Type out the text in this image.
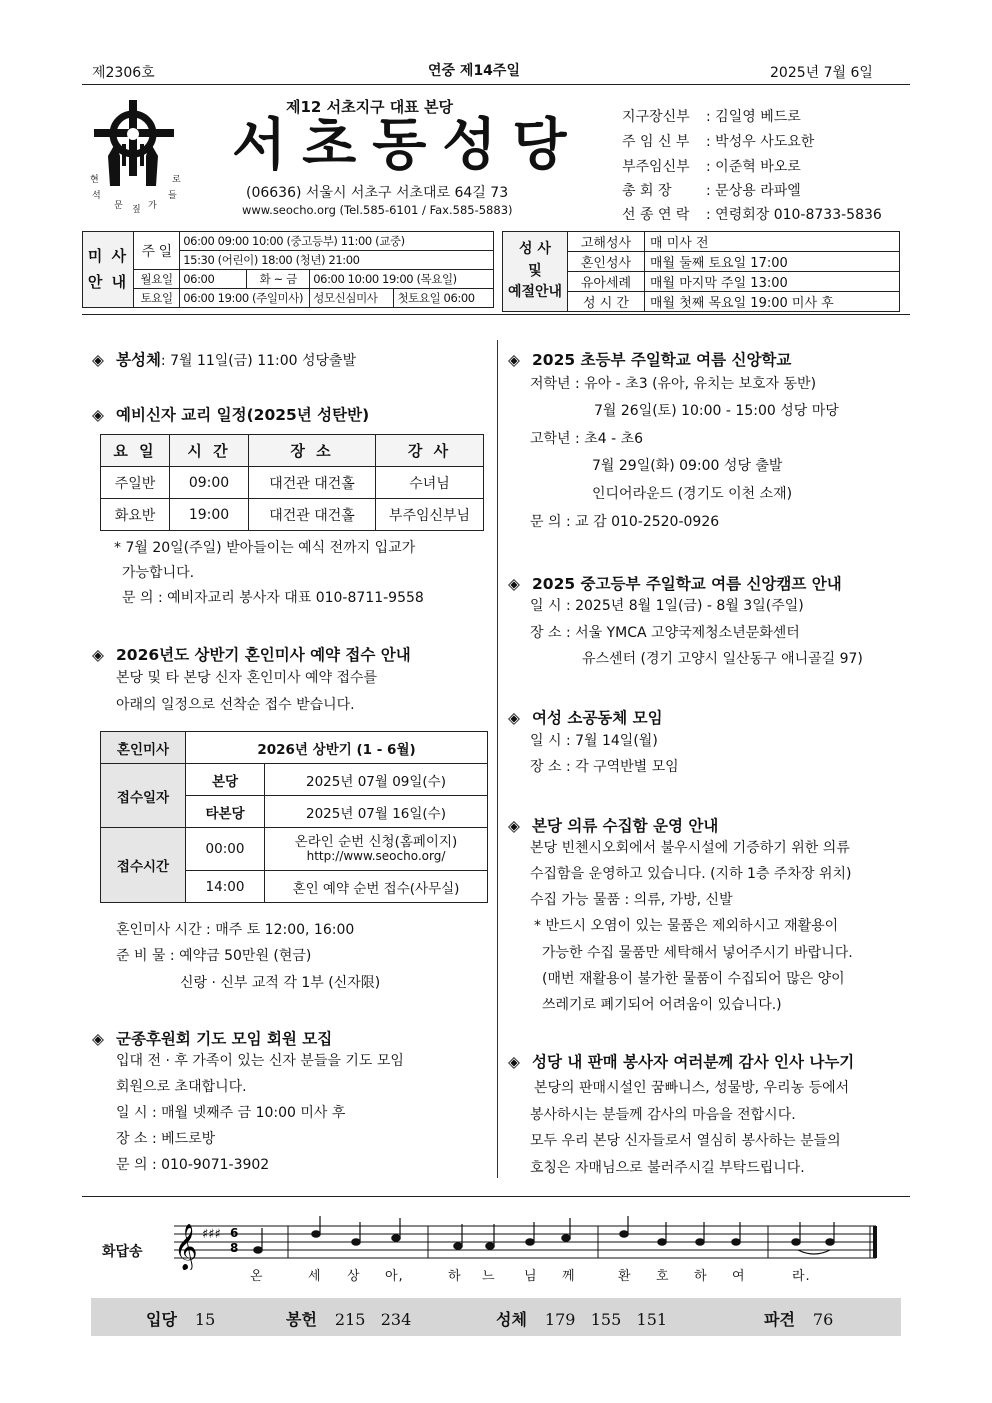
제2306호	연중 제14주일	2025년 7월 6일
현	로
석	들
문	가
짚
제12 서초지구 대표 본당
서초동성당
(06636) 서울시 서초구 서초대로 64길 73
www.seocho.org (Tel.585-6101 / Fax.585-5883)
지구장신부 : 김일영 베드로
주 임 신 부 : 박성우 사도요한
부주임신부 : 이준혁 바오로
총 회 장 : 문상용 라파엘
선 종 연 락 : 연령회장 010-8733-5836
미 사
안 내	주 일	06:00 09:00 10:00 (중고등부) 11:00 (교중)			
		15:30 (어린이) 18:00 (청년) 21:00			
	월요일	06:00	화 ~ 금	06:00 10:00 19:00 (목요일)	
	토요일	06:00 19:00 (주일미사)		성모신심미사	첫토요일 06:00
성 사
및
예절안내	고해성사	매 미사 전
	혼인성사	매월 둘째 토요일 17:00
	유아세례	매월 마지막 주일 13:00
	성 시 간	매월 첫째 목요일 19:00 미사 후
◈ 봉성체: 7월 11일(금) 11:00 성당출발
◈ 예비신자 교리 일정(2025년 성탄반)
요 일	시 간	장 소	강 사
주일반	09:00	대건관 대건홀	수녀님
화요반	19:00	대건관 대건홀	부주임신부님
* 7월 20일(주일) 받아들이는 예식 전까지 입교가
가능합니다.
문 의 : 예비자교리 봉사자 대표 010-8711-9558
◈ 2026년도 상반기 혼인미사 예약 접수 안내
본당 및 타 본당 신자 혼인미사 예약 접수를
아래의 일정으로 선착순 접수 받습니다.
혼인미사	2026년 상반기 (1 - 6월)	
접수일자	본당	2025년 07월 09일(수)
	타본당	2025년 07월 16일(수)
접수시간	00:00	온라인 순번 신청(홈페이지)
http://www.seocho.org/
	14:00	혼인 예약 순번 접수(사무실)
혼인미사 시간 : 매주 토 12:00, 16:00
준 비 물 : 예약금 50만원 (현금)
신랑 · 신부 교적 각 1부 (신자限)
◈ 군종후원회 기도 모임 회원 모집
입대 전 · 후 가족이 있는 신자 분들을 기도 모임
회원으로 초대합니다.
일 시 : 매월 넷째주 금 10:00 미사 후
장 소 : 베드로방
문 의 : 010-9071-3902
◈ 2025 초등부 주일학교 여름 신앙학교
저학년 : 유아 - 초3 (유아, 유치는 보호자 동반)
7월 26일(토) 10:00 - 15:00 성당 마당
고학년 : 초4 - 초6
7월 29일(화) 09:00 성당 출발
인디어라운드 (경기도 이천 소재)
문 의 : 교 감 010-2520-0926
◈ 2025 중고등부 주일학교 여름 신앙캠프 안내
일 시 : 2025년 8월 1일(금) - 8월 3일(주일)
장 소 : 서울 YMCA 고양국제청소년문화센터
유스센터 (경기 고양시 일산동구 애니골길 97)
◈ 여성 소공동체 모임
일 시 : 7월 14일(월)
장 소 : 각 구역반별 모임
◈ 본당 의류 수집함 운영 안내
본당 빈첸시오회에서 불우시설에 기증하기 위한 의류
수집함을 운영하고 있습니다. (지하 1층 주차장 위치)
수집 가능 물품 : 의류, 가방, 신발
* 반드시 오염이 있는 물품은 제외하시고 재활용이
가능한 수집 물품만 세탁해서 넣어주시기 바랍니다.
(매번 재활용이 불가한 물품이 수집되어 많은 양이
쓰레기로 폐기되어 어려움이 있습니다.)
◈ 성당 내 판매 봉사자 여러분께 감사 인사 나누기
본당의 판매시설인 꿈빠니스, 성물방, 우리농 등에서
봉사하시는 분들께 감사의 마음을 전합시다.
모두 우리 본당 신자들로서 열심히 봉사하는 분들의
호칭은 자매님으로 불러주시길 부탁드립니다.
화답송 𝄞 ♯♯♯ 6
8
온	세 상 아,	하 느 님 께	환 호 하 여	라.
입당 15	봉헌 215   234	성체 179   155   151	파견 76
